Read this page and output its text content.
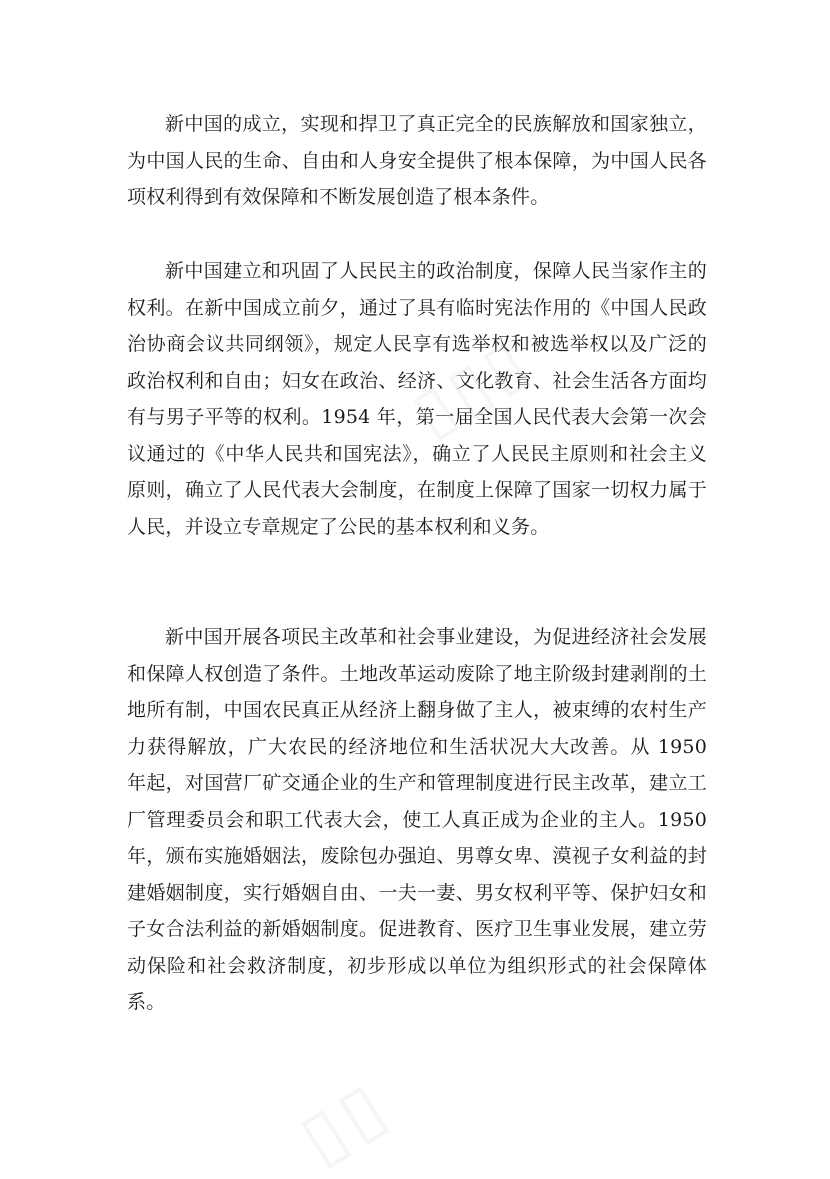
新中国的成立，实现和捍卫了真正完全的民族解放和国家独立，为中国人民的生命、自由和人身安全提供了根本保障，为中国人民各项权利得到有效保障和不断发展创造了根本条件。

新中国建立和巩固了人民民主的政治制度，保障人民当家作主的权利。在新中国成立前夕，通过了具有临时宪法作用的《中国人民政治协商会议共同纲领》，规定人民享有选举权和被选举权以及广泛的政治权利和自由；妇女在政治、经济、文化教育、社会生活各方面均有与男子平等的权利。1954 年，第一届全国人民代表大会第一次会议通过的《中华人民共和国宪法》，确立了人民民主原则和社会主义原则，确立了人民代表大会制度，在制度上保障了国家一切权力属于人民，并设立专章规定了公民的基本权利和义务。

新中国开展各项民主改革和社会事业建设，为促进经济社会发展和保障人权创造了条件。土地改革运动废除了地主阶级封建剥削的土地所有制，中国农民真正从经济上翻身做了主人，被束缚的农村生产力获得解放，广大农民的经济地位和生活状况大大改善。从 1950 年起，对国营厂矿交通企业的生产和管理制度进行民主改革，建立工厂管理委员会和职工代表大会，使工人真正成为企业的主人。1950 年，颁布实施婚姻法，废除包办强迫、男尊女卑、漠视子女利益的封建婚姻制度，实行婚姻自由、一夫一妻、男女权利平等、保护妇女和子女合法利益的新婚姻制度。促进教育、医疗卫生事业发展，建立劳动保险和社会救济制度，初步形成以单位为组织形式的社会保障体系。

▯▯▯
▯▯
